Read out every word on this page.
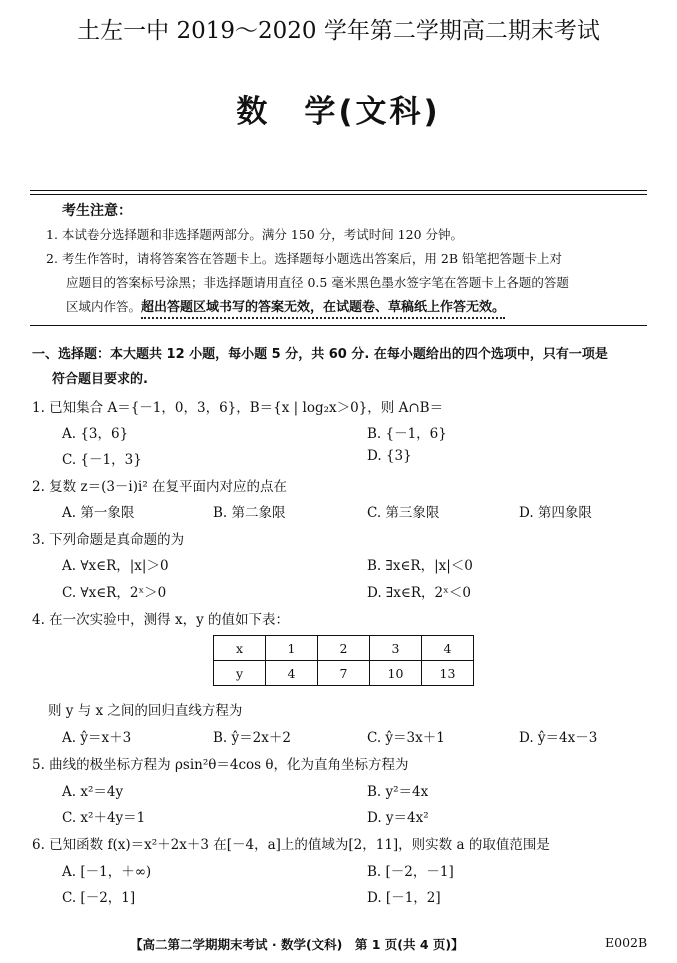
土左一中 2019～2020 学年第二学期高二期末考试
数　学(文科)
考生注意：
1. 本试卷分选择题和非选择题两部分。满分 150 分，考试时间 120 分钟。
2. 考生作答时，请将答案答在答题卡上。选择题每小题选出答案后，用 2B 铅笔把答题卡上对
应题目的答案标号涂黑；非选择题请用直径 0.5 毫米黑色墨水签字笔在答题卡上各题的答题
区域内作答。超出答题区域书写的答案无效，在试题卷、草稿纸上作答无效。
一、选择题：本大题共 12 小题，每小题 5 分，共 60 分. 在每小题给出的四个选项中，只有一项是
符合题目要求的.
1. 已知集合 A＝{－1，0，3，6}，B＝{x | log₂x＞0}，则 A∩B＝
A. {3，6}	B. {－1，6}
C. {－1，3}	D. {3}
2. 复数 z＝(3－i)i² 在复平面内对应的点在
A. 第一象限	B. 第二象限	C. 第三象限	D. 第四象限
3. 下列命题是真命题的为
A. ∀x∈R，|x|＞0	B. ∃x∈R，|x|＜0
C. ∀x∈R，2ˣ＞0	D. ∃x∈R，2ˣ＜0
4. 在一次实验中，测得 x，y 的值如下表：
x	1	2	3	4
y	4	7	10	13
则 y 与 x 之间的回归直线方程为
A. ŷ＝x＋3	B. ŷ＝2x＋2	C. ŷ＝3x＋1	D. ŷ＝4x－3
5. 曲线的极坐标方程为 ρsin²θ＝4cos θ，化为直角坐标方程为
A. x²＝4y	B. y²＝4x
C. x²＋4y＝1	D. y＝4x²
6. 已知函数 f(x)＝x²＋2x＋3 在[－4，a]上的值域为[2，11]，则实数 a 的取值范围是
A. [－1，＋∞)	B. [－2，－1]
C. [－2，1]	D. [－1，2]
【高二第二学期期末考试 · 数学(文科)　第 1 页(共 4 页)】	E002B
